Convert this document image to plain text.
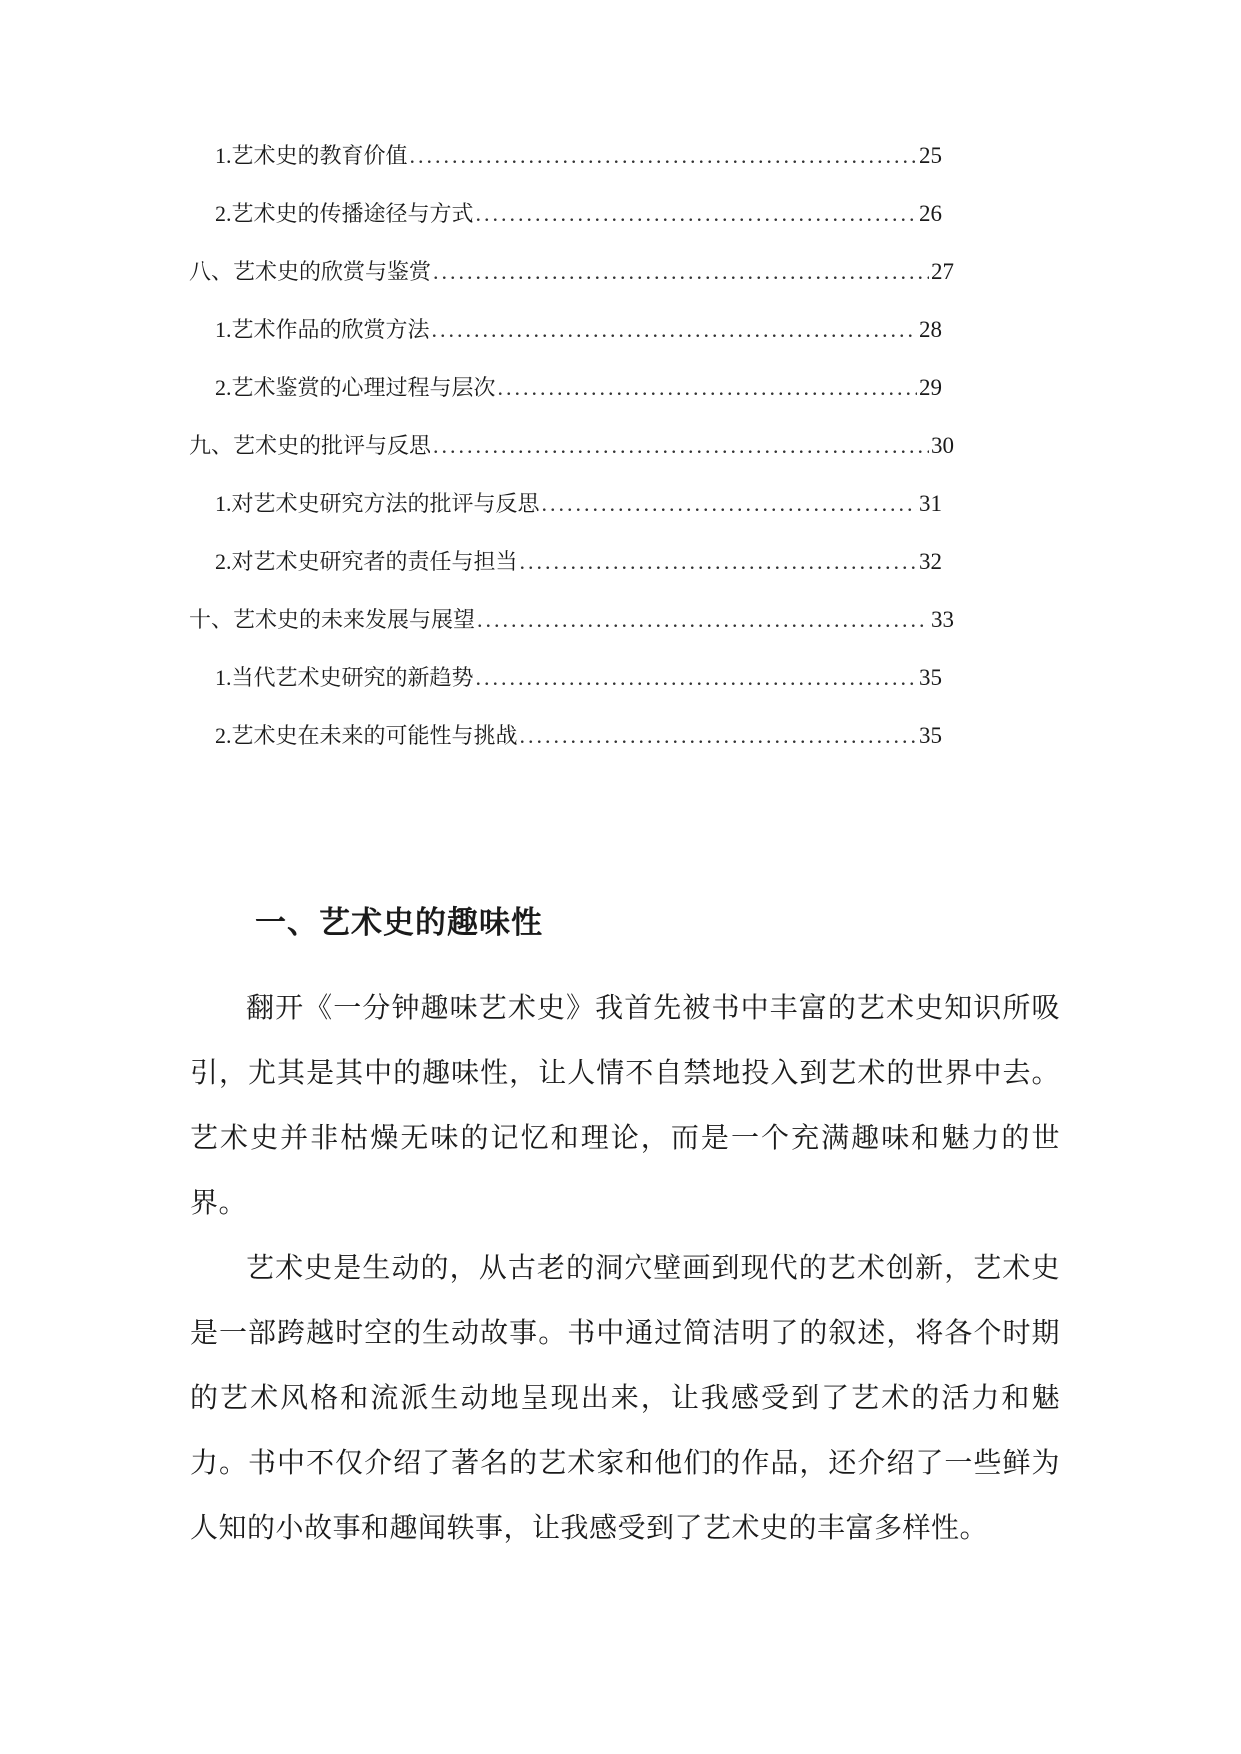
1. 艺术史的教育价值 .....	25
2. 艺术史的传播途径与方式 .....	26
八、艺术史的欣赏与鉴赏 .....	27
1. 艺术作品的欣赏方法 .....	28
2. 艺术鉴赏的心理过程与层次 .....	29
九、艺术史的批评与反思 .....	30
1. 对艺术史研究方法的批评与反思 .....	31
2. 对艺术史研究者的责任与担当 .....	32
十、艺术史的未来发展与展望 .....	33
1. 当代艺术史研究的新趋势 .....	35
2. 艺术史在未来的可能性与挑战 .....	35
一、艺术史的趣味性

翻开《一分钟趣味艺术史》我首先被书中丰富的艺术史知识所吸引，尤其是其中的趣味性，让人情不自禁地投入到艺术的世界中去。艺术史并非枯燥无味的记忆和理论，而是一个充满趣味和魅力的世界。

艺术史是生动的，从古老的洞穴壁画到现代的艺术创新，艺术史是一部跨越时空的生动故事。书中通过简洁明了的叙述，将各个时期的艺术风格和流派生动地呈现出来，让我感受到了艺术的活力和魅力。书中不仅介绍了著名的艺术家和他们的作品，还介绍了一些鲜为人知的小故事和趣闻轶事，让我感受到了艺术史的丰富多样性。
